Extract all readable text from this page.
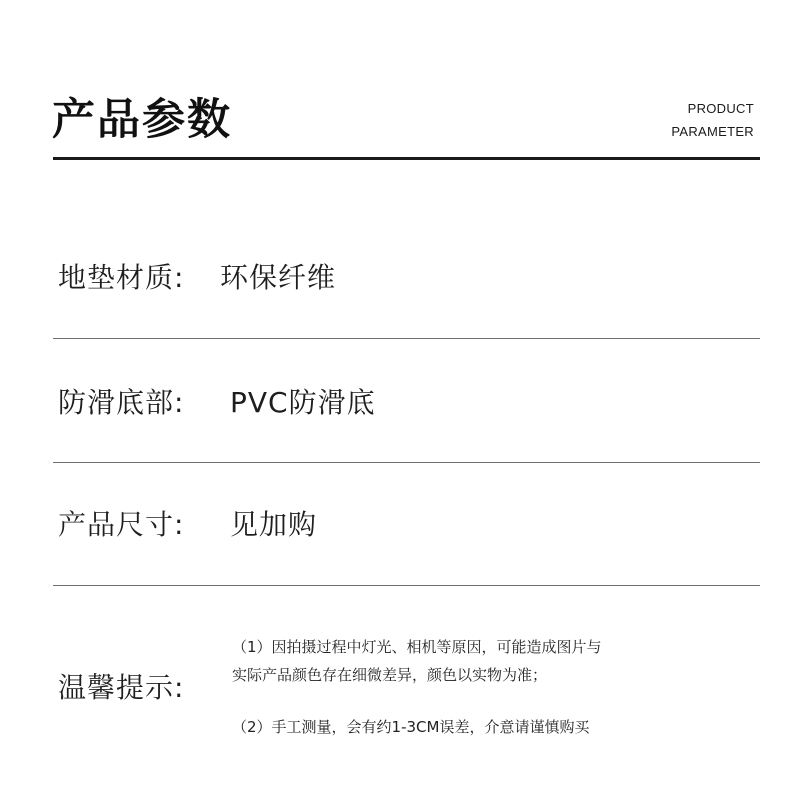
产品参数	PRODUCT
PARAMETER
地垫材质: 环保纤维
防滑底部: PVC防滑底
产品尺寸: 见加购
温馨提示:
（1）因拍摄过程中灯光、相机等原因，可能造成图片与
实际产品颜色存在细微差异，颜色以实物为准；
（2）手工测量，会有约1-3CM误差，介意请谨慎购买
